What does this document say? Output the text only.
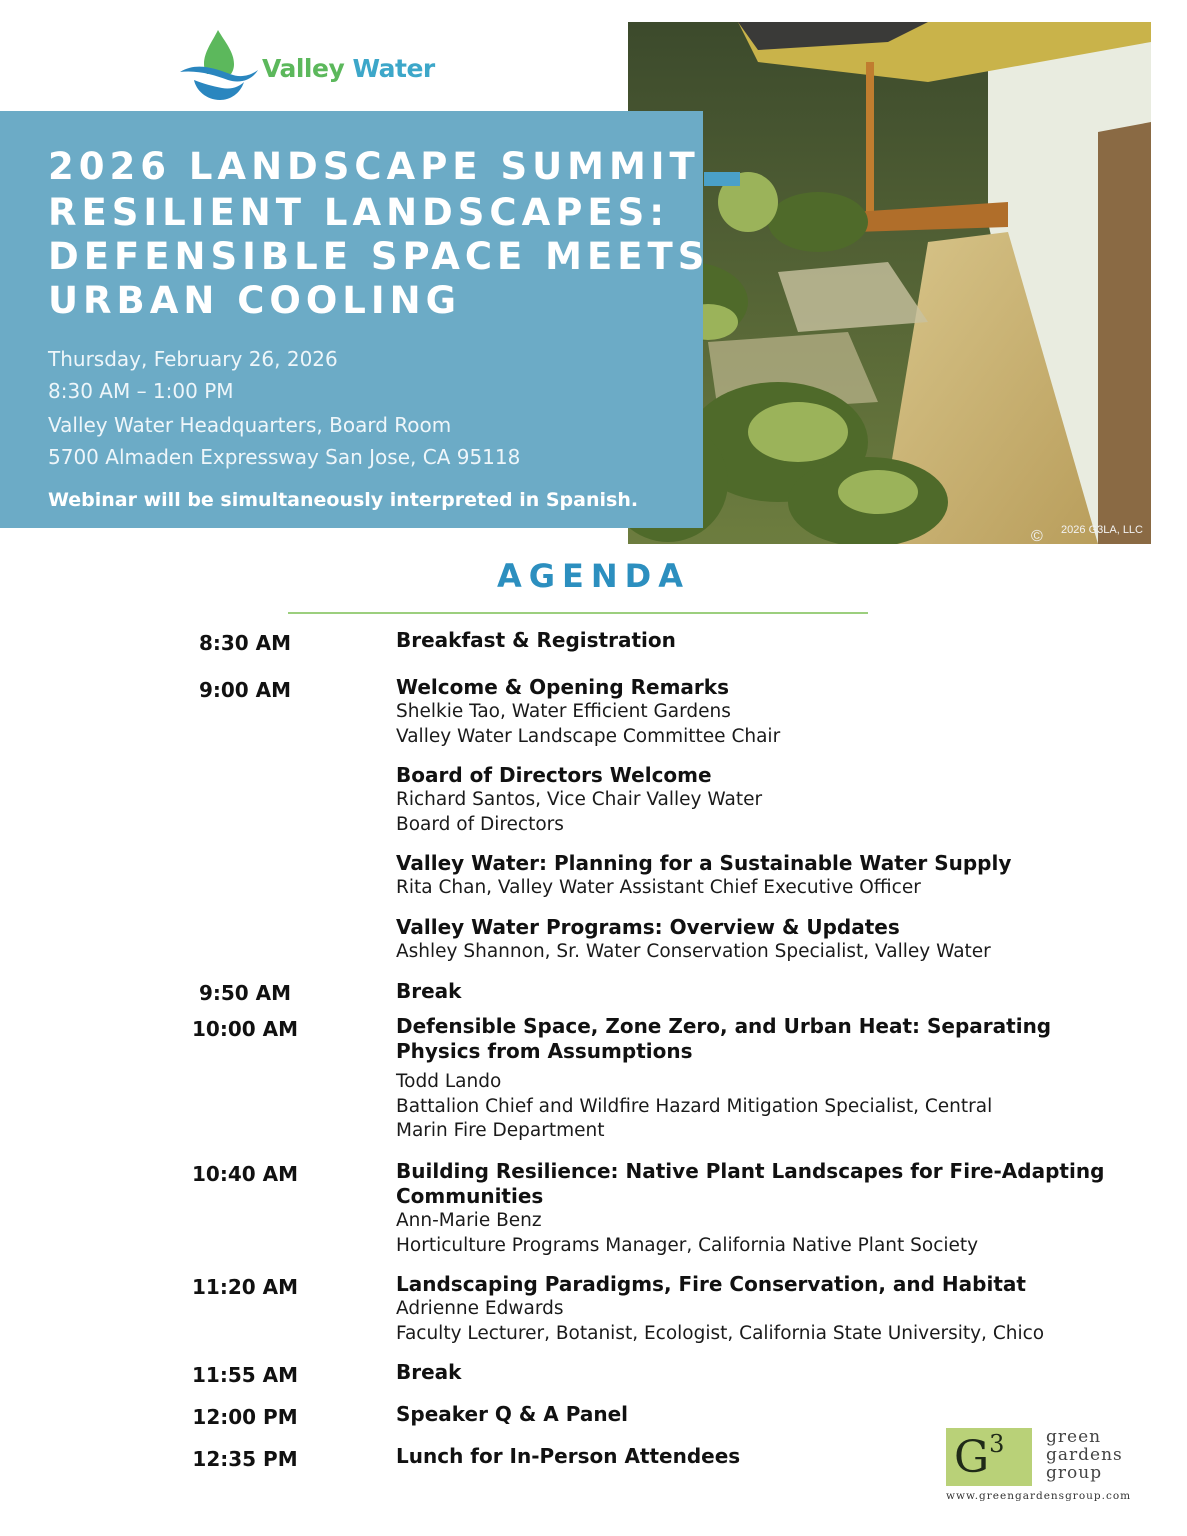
Valley Water
© 2026 G3LA, LLC
2026 LANDSCAPE SUMMIT
RESILIENT LANDSCAPES:
DEFENSIBLE SPACE MEETS
URBAN COOLING
Thursday, February 26, 2026
8:30 AM – 1:00 PM
Valley Water Headquarters, Board Room
5700 Almaden Expressway San Jose, CA 95118
Webinar will be simultaneously interpreted in Spanish.
AGENDA
8:30 AM	Breakfast & Registration
9:00 AM	Welcome & Opening Remarks
Shelkie Tao, Water Efficient Gardens
Valley Water Landscape Committee Chair
Board of Directors Welcome
Richard Santos, Vice Chair Valley Water
Board of Directors
Valley Water: Planning for a Sustainable Water Supply
Rita Chan, Valley Water Assistant Chief Executive Officer
Valley Water Programs: Overview & Updates
Ashley Shannon, Sr. Water Conservation Specialist, Valley Water
9:50 AM	Break
10:00 AM	Defensible Space, Zone Zero, and Urban Heat: Separating
Physics from Assumptions
Todd Lando
Battalion Chief and Wildfire Hazard Mitigation Specialist, Central
Marin Fire Department
10:40 AM	Building Resilience: Native Plant Landscapes for Fire-Adapting
Communities
Ann-Marie Benz
Horticulture Programs Manager, California Native Plant Society
11:20 AM	Landscaping Paradigms, Fire Conservation, and Habitat
Adrienne Edwards
Faculty Lecturer, Botanist, Ecologist, California State University, Chico
11:55 AM	Break
12:00 PM	Speaker Q & A Panel
12:35 PM	Lunch for In-Person Attendees	$G^3$ green
gardens
group
www.greengardensgroup.com
